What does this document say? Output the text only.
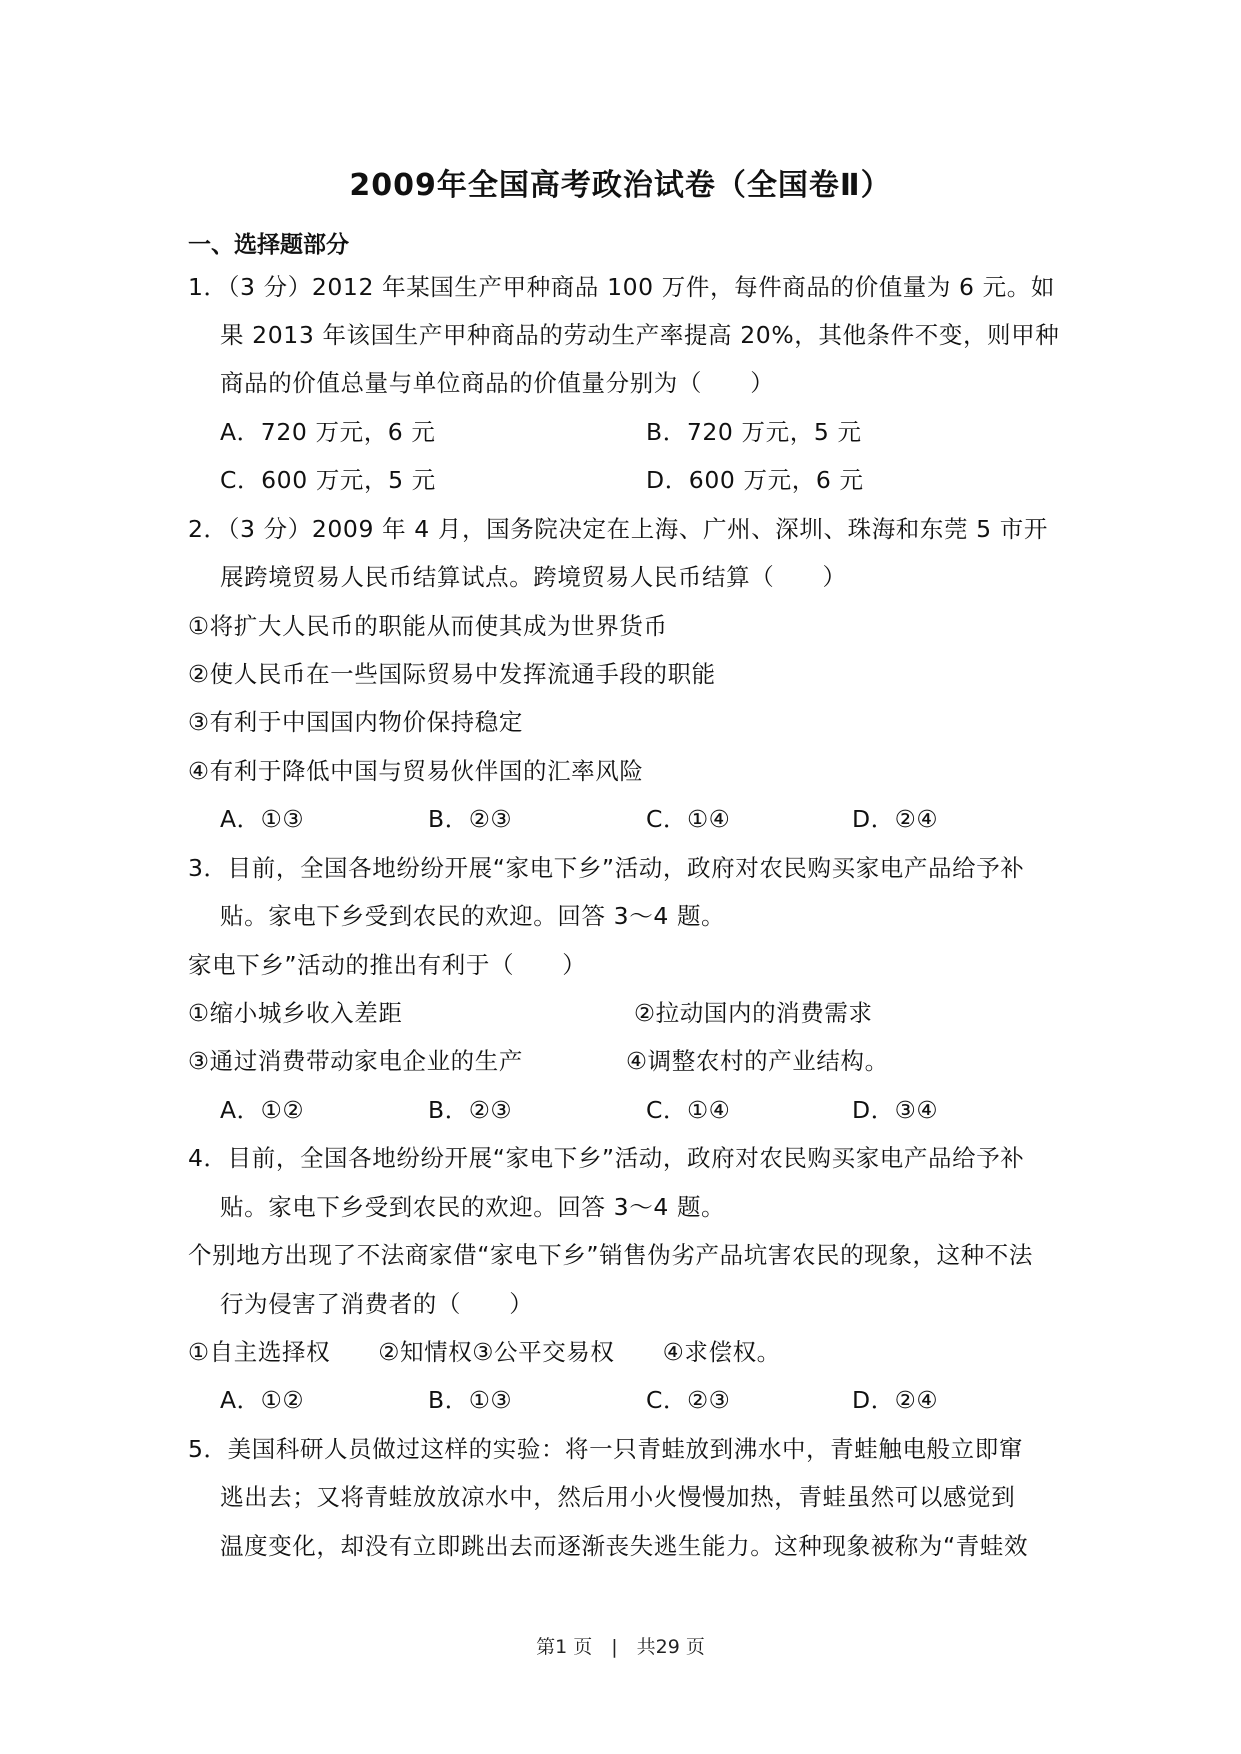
2009年全国高考政治试卷（全国卷Ⅱ）
一、选择题部分
1．（3 分）2012 年某国生产甲种商品 100 万件，每件商品的价值量为 6 元。如
果 2013 年该国生产甲种商品的劳动生产率提高 20%，其他条件不变，则甲种
商品的价值总量与单位商品的价值量分别为（　　）
A．720 万元，6 元	B．720 万元，5 元
C．600 万元，5 元	D．600 万元，6 元
2．（3 分）2009 年 4 月，国务院决定在上海、广州、深圳、珠海和东莞 5 市开
展跨境贸易人民币结算试点。跨境贸易人民币结算（　　）
①将扩大人民币的职能从而使其成为世界货币
②使人民币在一些国际贸易中发挥流通手段的职能
③有利于中国国内物价保持稳定
④有利于降低中国与贸易伙伴国的汇率风险
A．①③	B．②③	C．①④	D．②④
3．目前，全国各地纷纷开展“家电下乡”活动，政府对农民购买家电产品给予补
贴。家电下乡受到农民的欢迎。回答 3﻿～4 题。
家电下乡”活动的推出有利于（　　）
①缩小城乡收入差距	②拉动国内的消费需求
③通过消费带动家电企业的生产	④调整农村的产业结构。
A．①②	B．②③	C．①④	D．③④
4．目前，全国各地纷纷开展“家电下乡”活动，政府对农民购买家电产品给予补
贴。家电下乡受到农民的欢迎。回答 3﻿～4 题。
个别地方出现了不法商家借“家电下乡”销售伪劣产品坑害农民的现象，这种不法
行为侵害了消费者的（　　）
①自主选择权　　②知情权③公平交易权　　④求偿权。
A．①②	B．①③	C．②③	D．②④
5．美国科研人员做过这样的实验：将一只青蛙放到沸水中，青蛙触电般立即窜
逃出去；又将青蛙放放凉水中，然后用小火慢慢加热，青蛙虽然可以感觉到
温度变化，却没有立即跳出去而逐渐丧失逃生能力。这种现象被称为“青蛙效
第1 页　|　共29 页
